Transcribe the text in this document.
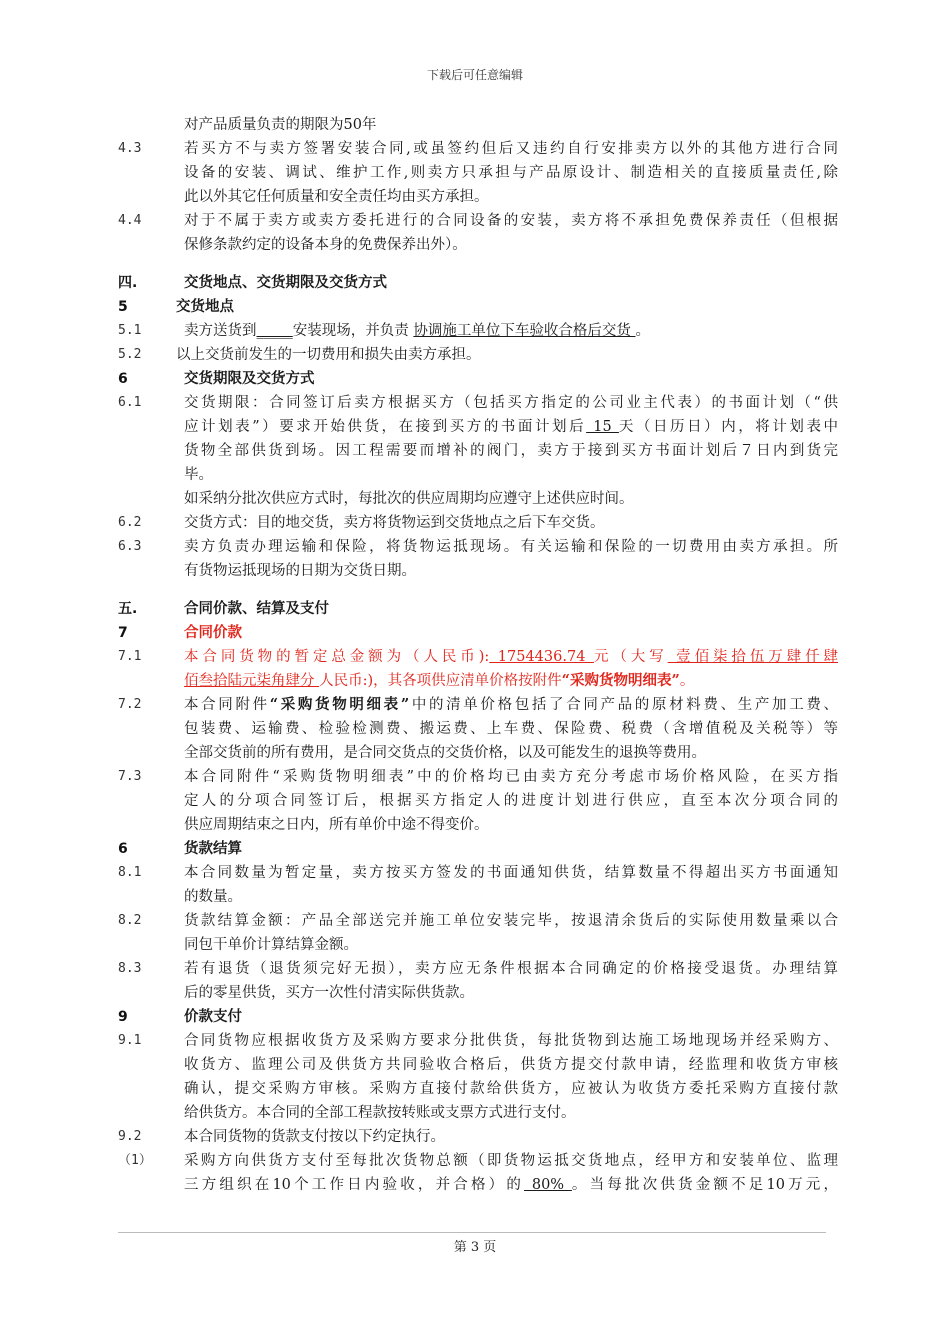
下载后可任意编辑
对产品质量负责的期限为50年
4.3	若买方不与卖方签署安装合同,或虽签约但后又违约自行安排卖方以外的其他方进行合同
设备的安装、调试、维护工作,则卖方只承担与产品原设计、制造相关的直接质量责任,除
此以外其它任何质量和安全责任均由买方承担。
4.4	对于不属于卖方或卖方委托进行的合同设备的安装，卖方将不承担免费保养责任（但根据
保修条款约定的设备本身的免费保养出外）。
四.	交货地点、交货期限及交货方式
5	交货地点
5.1	卖方送货到_____安装现场，并负责 协调施工单位下车验收合格后交货 。
5.2 以上交货前发生的一切费用和损失由卖方承担。
6	交货期限及交货方式
6.1	交货期限：合同签订后卖方根据买方（包括买方指定的公司业主代表）的书面计划（“供
应计划表”）要求开始供货，在接到买方的书面计划后 15 天（日历日）内，将计划表中
货物全部供货到场。因工程需要而增补的阀门，卖方于接到买方书面计划后７日内到货完
毕。
如采纳分批次供应方式时，每批次的供应周期均应遵守上述供应时间。
6.2	交货方式：目的地交货，卖方将货物运到交货地点之后下车交货。
6.3	卖方负责办理运输和保险，将货物运抵现场。有关运输和保险的一切费用由卖方承担。所
有货物运抵现场的日期为交货日期。
五.	合同价款、结算及支付
7	合同价款
7.1	本合同货物的暂定总金额为（人民币): 1754436.74 元（大写 壹佰柒拾伍万肆仟肆
佰叁拾陆元柒角肆分 人民币:)，其各项供应清单价格按附件“采购货物明细表”。
7.2	本合同附件“采购货物明细表”中的清单价格包括了合同产品的原材料费、生产加工费、
包装费、运输费、检验检测费、搬运费、上车费、保险费、税费（含增值税及关税等）等
全部交货前的所有费用，是合同交货点的交货价格，以及可能发生的退换等费用。
7.3	本合同附件“采购货物明细表”中的价格均已由卖方充分考虑市场价格风险，在买方指
定人的分项合同签订后，根据买方指定人的进度计划进行供应，直至本次分项合同的
供应周期结束之日内，所有单价中途不得变价。
6	货款结算
8.1	本合同数量为暂定量，卖方按买方签发的书面通知供货，结算数量不得超出买方书面通知
的数量。
8.2	货款结算金额：产品全部送完并施工单位安装完毕，按退清余货后的实际使用数量乘以合
同包干单价计算结算金额。
8.3	若有退货（退货须完好无损），卖方应无条件根据本合同确定的价格接受退货。办理结算
后的零星供货，买方一次性付清实际供货款。
9	价款支付
9.1	合同货物应根据收货方及采购方要求分批供货，每批货物到达施工场地现场并经采购方、
收货方、监理公司及供货方共同验收合格后，供货方提交付款申请，经监理和收货方审核
确认，提交采购方审核。采购方直接付款给供货方，应被认为收货方委托采购方直接付款
给供货方。本合同的全部工程款按转账或支票方式进行支付。
9.2	本合同货物的货款支付按以下约定执行。
（1） 采购方向供货方支付至每批次货物总额（即货物运抵交货地点，经甲方和安装单位、监理
三方组织在10个工作日内验收，并合格）的 80% 。当每批次供货金额不足10万元，
第 3 页
